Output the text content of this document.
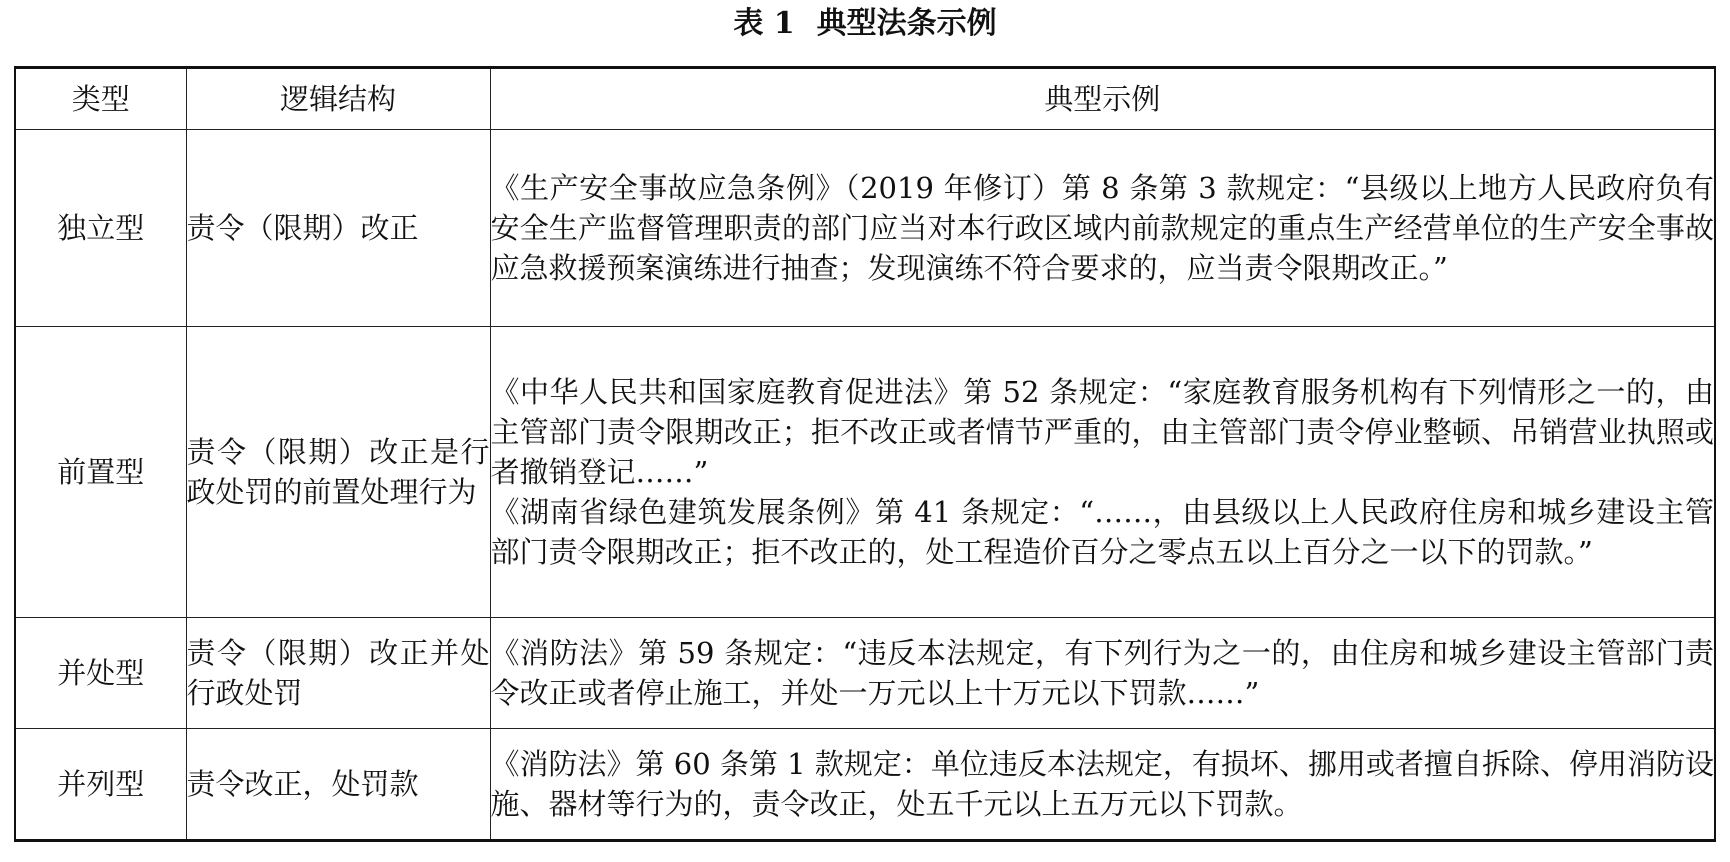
表 1 典型法条示例
类型	逻辑结构	典型示例
独立型	责令（限期）改正	《生产安全事故应急条例》（2019 年修订）第 8 条第 3 款规定：“县级以上地方人民政府负有安全生产监督管理职责的部门应当对本行政区域内前款规定的重点生产经营单位的生产安全事故应急救援预案演练进行抽查；发现演练不符合要求的，应当责令限期改正。”

前置型	责令（限期）改正是行政处罚的前置处理行为	《中华人民共和国家庭教育促进法》第 52 条规定：“家庭教育服务机构有下列情形之一的，由主管部门责令限期改正；拒不改正或者情节严重的，由主管部门责令停业整顿、吊销营业执照或者撤销登记……”
《湖南省绿色建筑发展条例》第 41 条规定：“……，由县级以上人民政府住房和城乡建设主管部门责令限期改正；拒不改正的，处工程造价百分之零点五以上百分之一以下的罚款。”

并处型	责令（限期）改正并处行政处罚	《消防法》第 59 条规定：“违反本法规定，有下列行为之一的，由住房和城乡建设主管部门责令改正或者停止施工，并处一万元以上十万元以下罚款……”

并列型	责令改正，处罚款	《消防法》第 60 条第 1 款规定：单位违反本法规定，有损坏、挪用或者擅自拆除、停用消防设施、器材等行为的，责令改正，处五千元以上五万元以下罚款。
